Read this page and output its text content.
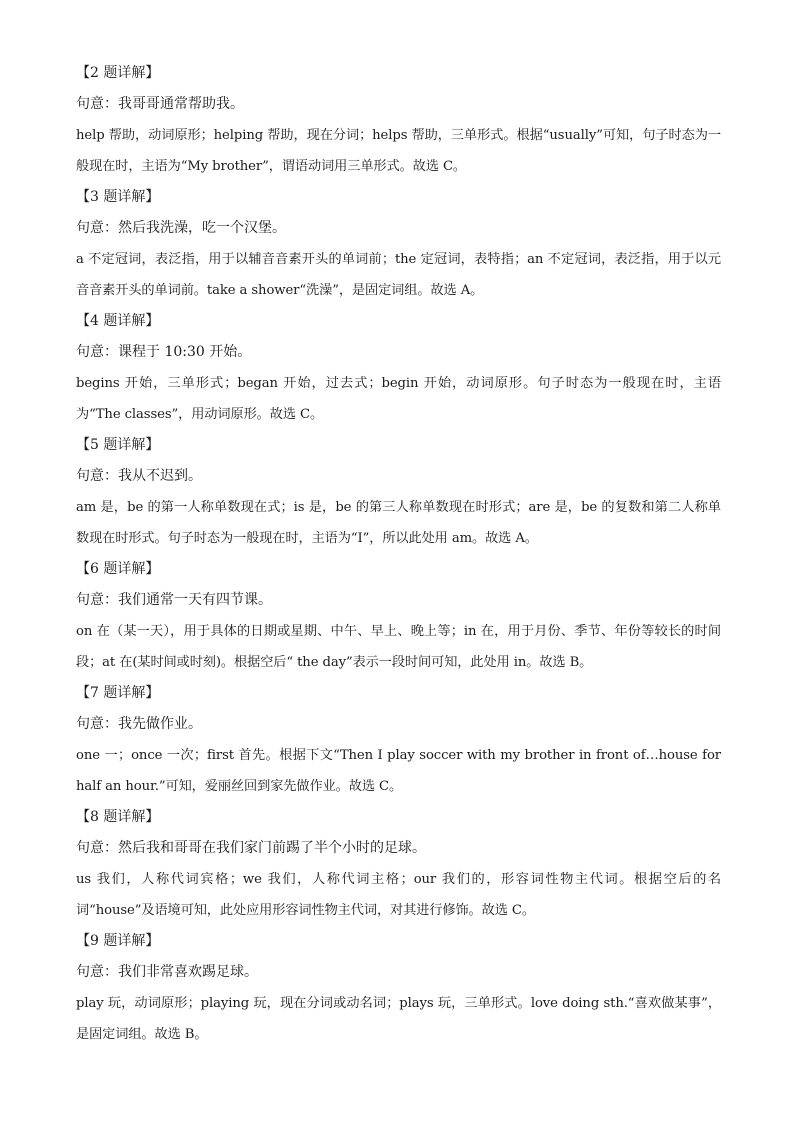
【2 题详解】
句意：我哥哥通常帮助我。
help 帮助，动词原形；helping 帮助，现在分词；helps 帮助，三单形式。根据“usually”可知，句子时态为一般现在时，主语为“My brother”，谓语动词用三单形式。故选 C。
【3 题详解】
句意：然后我洗澡，吃一个汉堡。
a 不定冠词，表泛指，用于以辅音音素开头的单词前；the 定冠词，表特指；an 不定冠词，表泛指，用于以元音音素开头的单词前。take a shower“洗澡”，是固定词组。故选 A。
【4 题详解】
句意：课程于 10:30 开始。
begins 开始，三单形式；began 开始，过去式；begin 开始，动词原形。句子时态为一般现在时，主语为“The classes”，用动词原形。故选 C。
【5 题详解】
句意：我从不迟到。
am 是，be 的第一人称单数现在式；is 是，be 的第三人称单数现在时形式；are 是，be 的复数和第二人称单数现在时形式。句子时态为一般现在时，主语为“I”，所以此处用 am。故选 A。
【6 题详解】
句意：我们通常一天有四节课。
on 在（某一天），用于具体的日期或星期、中午、早上、晚上等；in 在，用于月份、季节、年份等较长的时间段；at 在(某时间或时刻)。根据空后“ the day”表示一段时间可知，此处用 in。故选 B。
【7 题详解】
句意：我先做作业。
one 一；once 一次；first 首先。根据下文“Then I play soccer with my brother in front of…house for half an hour.”可知，爱丽丝回到家先做作业。故选 C。
【8 题详解】
句意：然后我和哥哥在我们家门前踢了半个小时的足球。
us 我们，人称代词宾格；we 我们，人称代词主格；our 我们的，形容词性物主代词。根据空后的名词“house”及语境可知，此处应用形容词性物主代词，对其进行修饰。故选 C。
【9 题详解】
句意：我们非常喜欢踢足球。
play 玩，动词原形；playing 玩，现在分词或动名词；plays 玩，三单形式。love doing sth.“喜欢做某事”，是固定词组。故选 B。
